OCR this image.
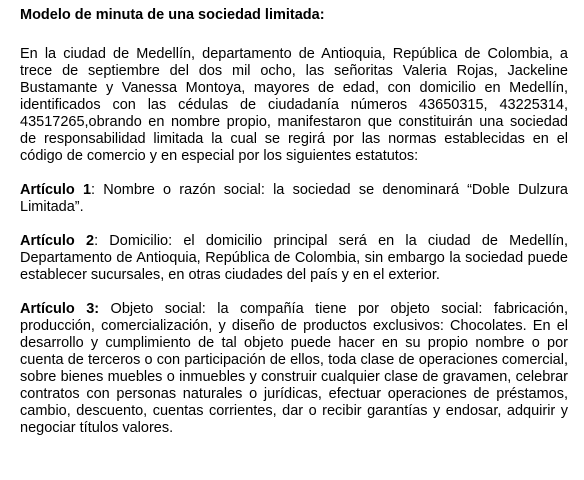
Modelo de minuta de una sociedad limitada:

En la ciudad de Medellín, departamento de Antioquia, República de Colombia, a trece de septiembre del dos mil ocho, las señoritas Valeria Rojas, Jackeline Bustamante y Vanessa Montoya, mayores de edad, con domicilio en Medellín, identificados con las cédulas de ciudadanía números 43650315, 43225314, 43517265,obrando en nombre propio, manifestaron que constituirán una sociedad de responsabilidad limitada la cual se regirá por las normas establecidas en el código de comercio y en especial por los siguientes estatutos:

Artículo 1: Nombre o razón social: la sociedad se denominará “Doble Dulzura Limitada”.

Artículo 2: Domicilio: el domicilio principal será en la ciudad de Medellín, Departamento de Antioquia, República de Colombia, sin embargo la sociedad puede establecer sucursales, en otras ciudades del país y en el exterior.

Artículo 3: Objeto social: la compañía tiene por objeto social: fabricación, producción, comercialización, y diseño de productos exclusivos: Chocolates. En el desarrollo y cumplimiento de tal objeto puede hacer en su propio nombre o por cuenta de terceros o con participación de ellos, toda clase de operaciones comercial, sobre bienes muebles o inmuebles y construir cualquier clase de gravamen, celebrar contratos con personas naturales o jurídicas, efectuar operaciones de préstamos, cambio, descuento, cuentas corrientes, dar o recibir garantías y endosar, adquirir y negociar títulos valores.
